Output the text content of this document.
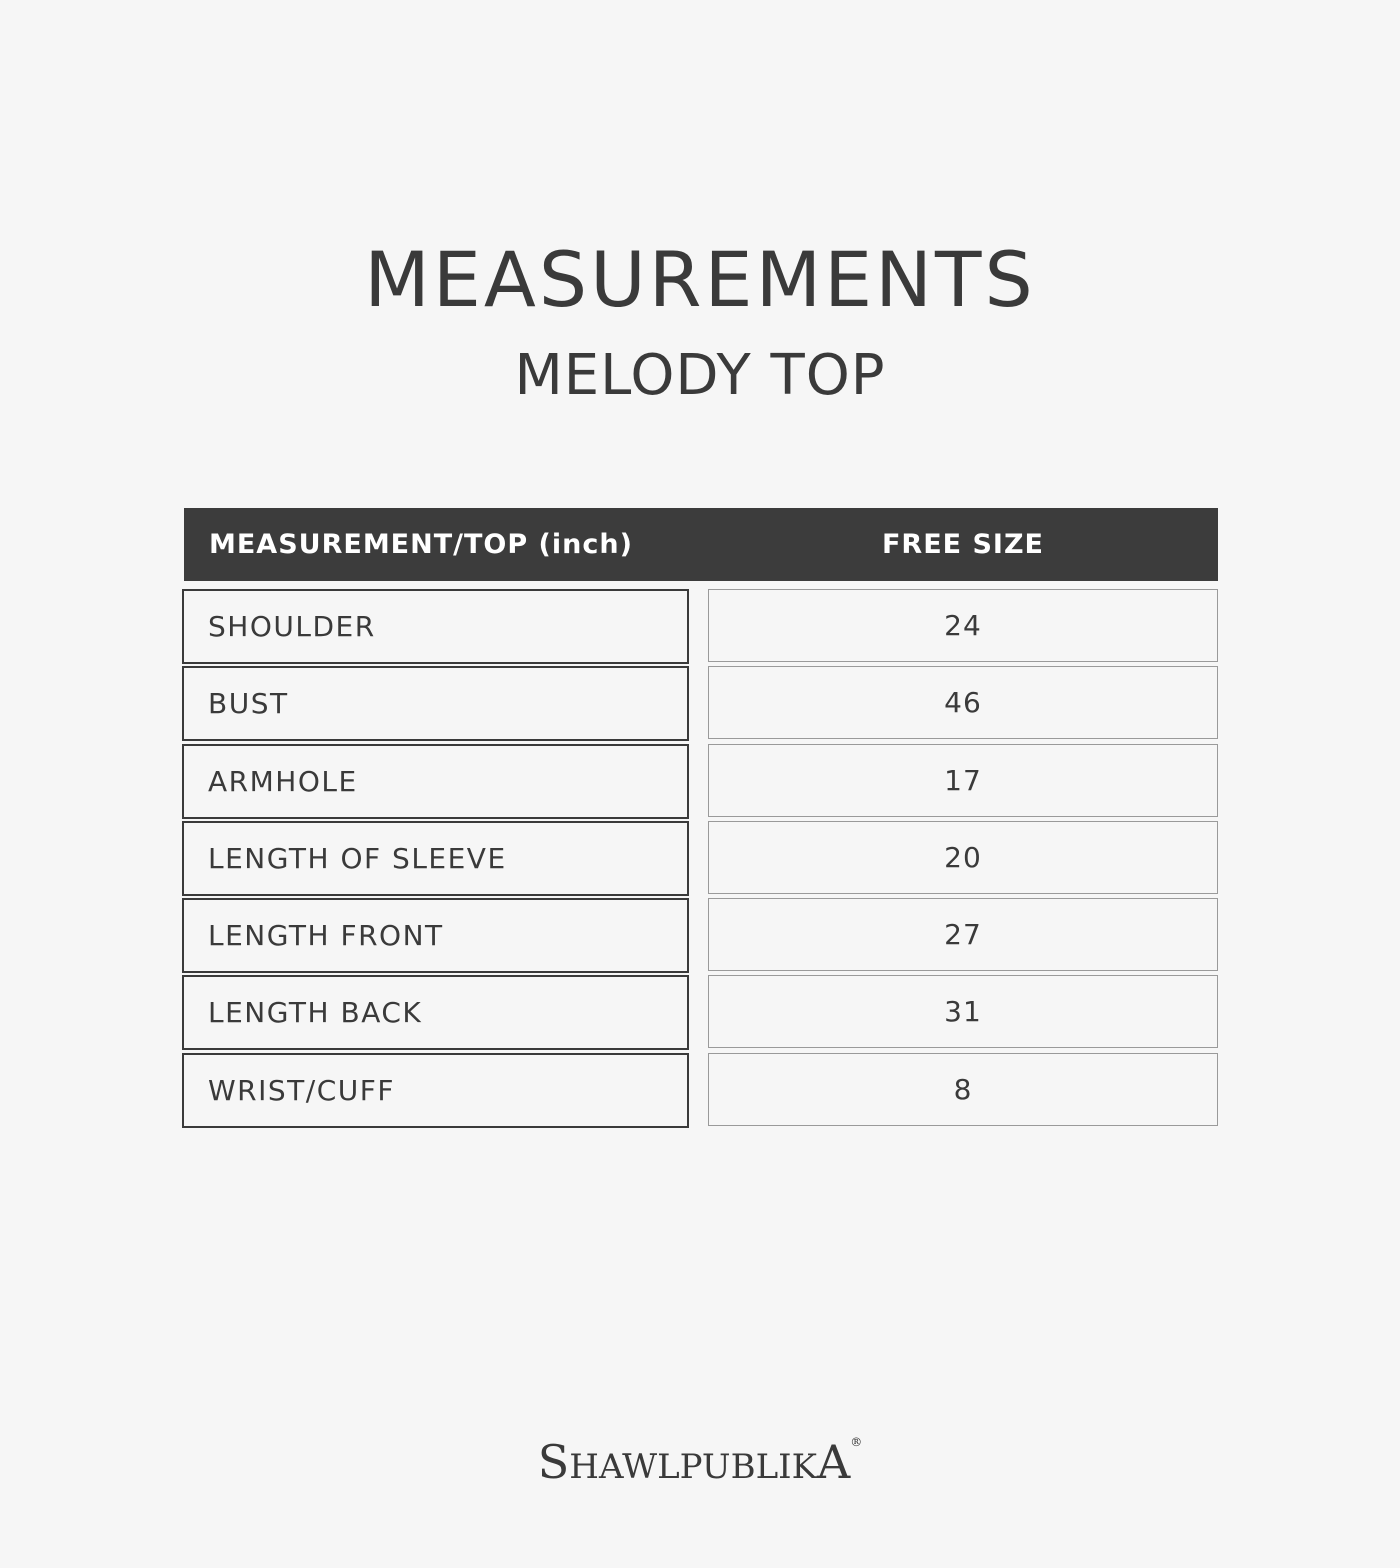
MEASUREMENTS
MELODY TOP
MEASUREMENT/TOP (inch)	FREE SIZE
SHOULDER	24
BUST	46
ARMHOLE	17
LENGTH OF SLEEVE	20
LENGTH FRONT	27
LENGTH BACK	31
WRIST/CUFF	8
SHAWLPUBLIKA®
